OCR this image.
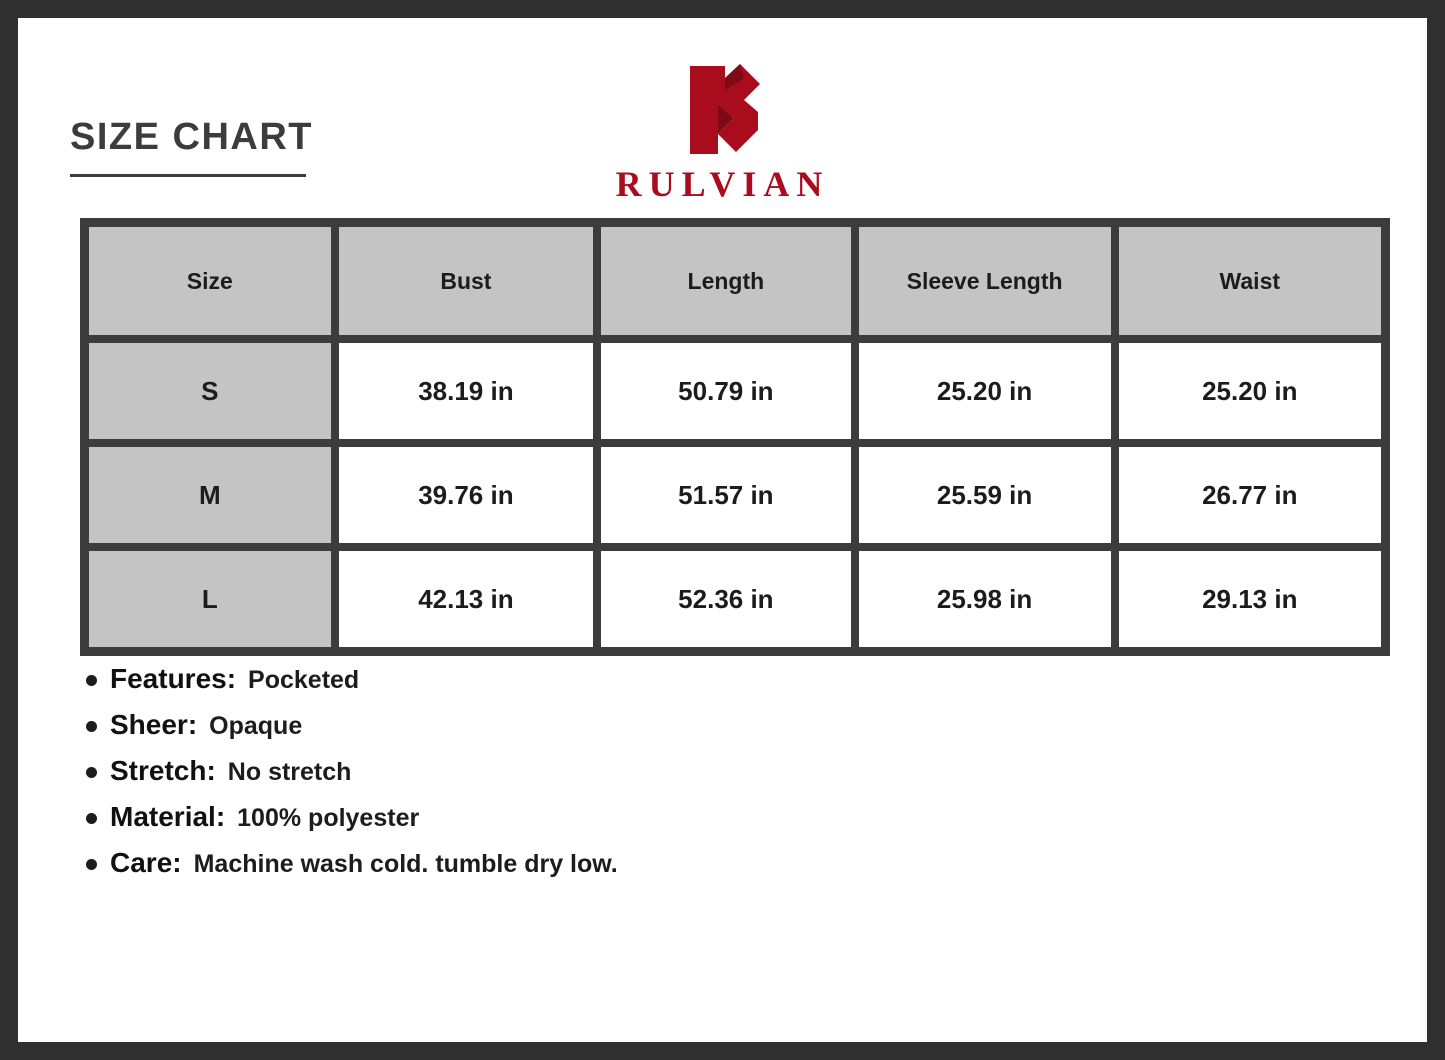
SIZE CHART
RULVIAN
Size	Bust	Length	Sleeve Length	Waist
S	38.19 in	50.79 in	25.20 in	25.20 in
M	39.76 in	51.57 in	25.59 in	26.77 in
L	42.13 in	52.36 in	25.98 in	29.13 in
Features: Pocketed
Sheer: Opaque
Stretch: No stretch
Material: 100% polyester
Care: Machine wash cold. tumble dry low.
